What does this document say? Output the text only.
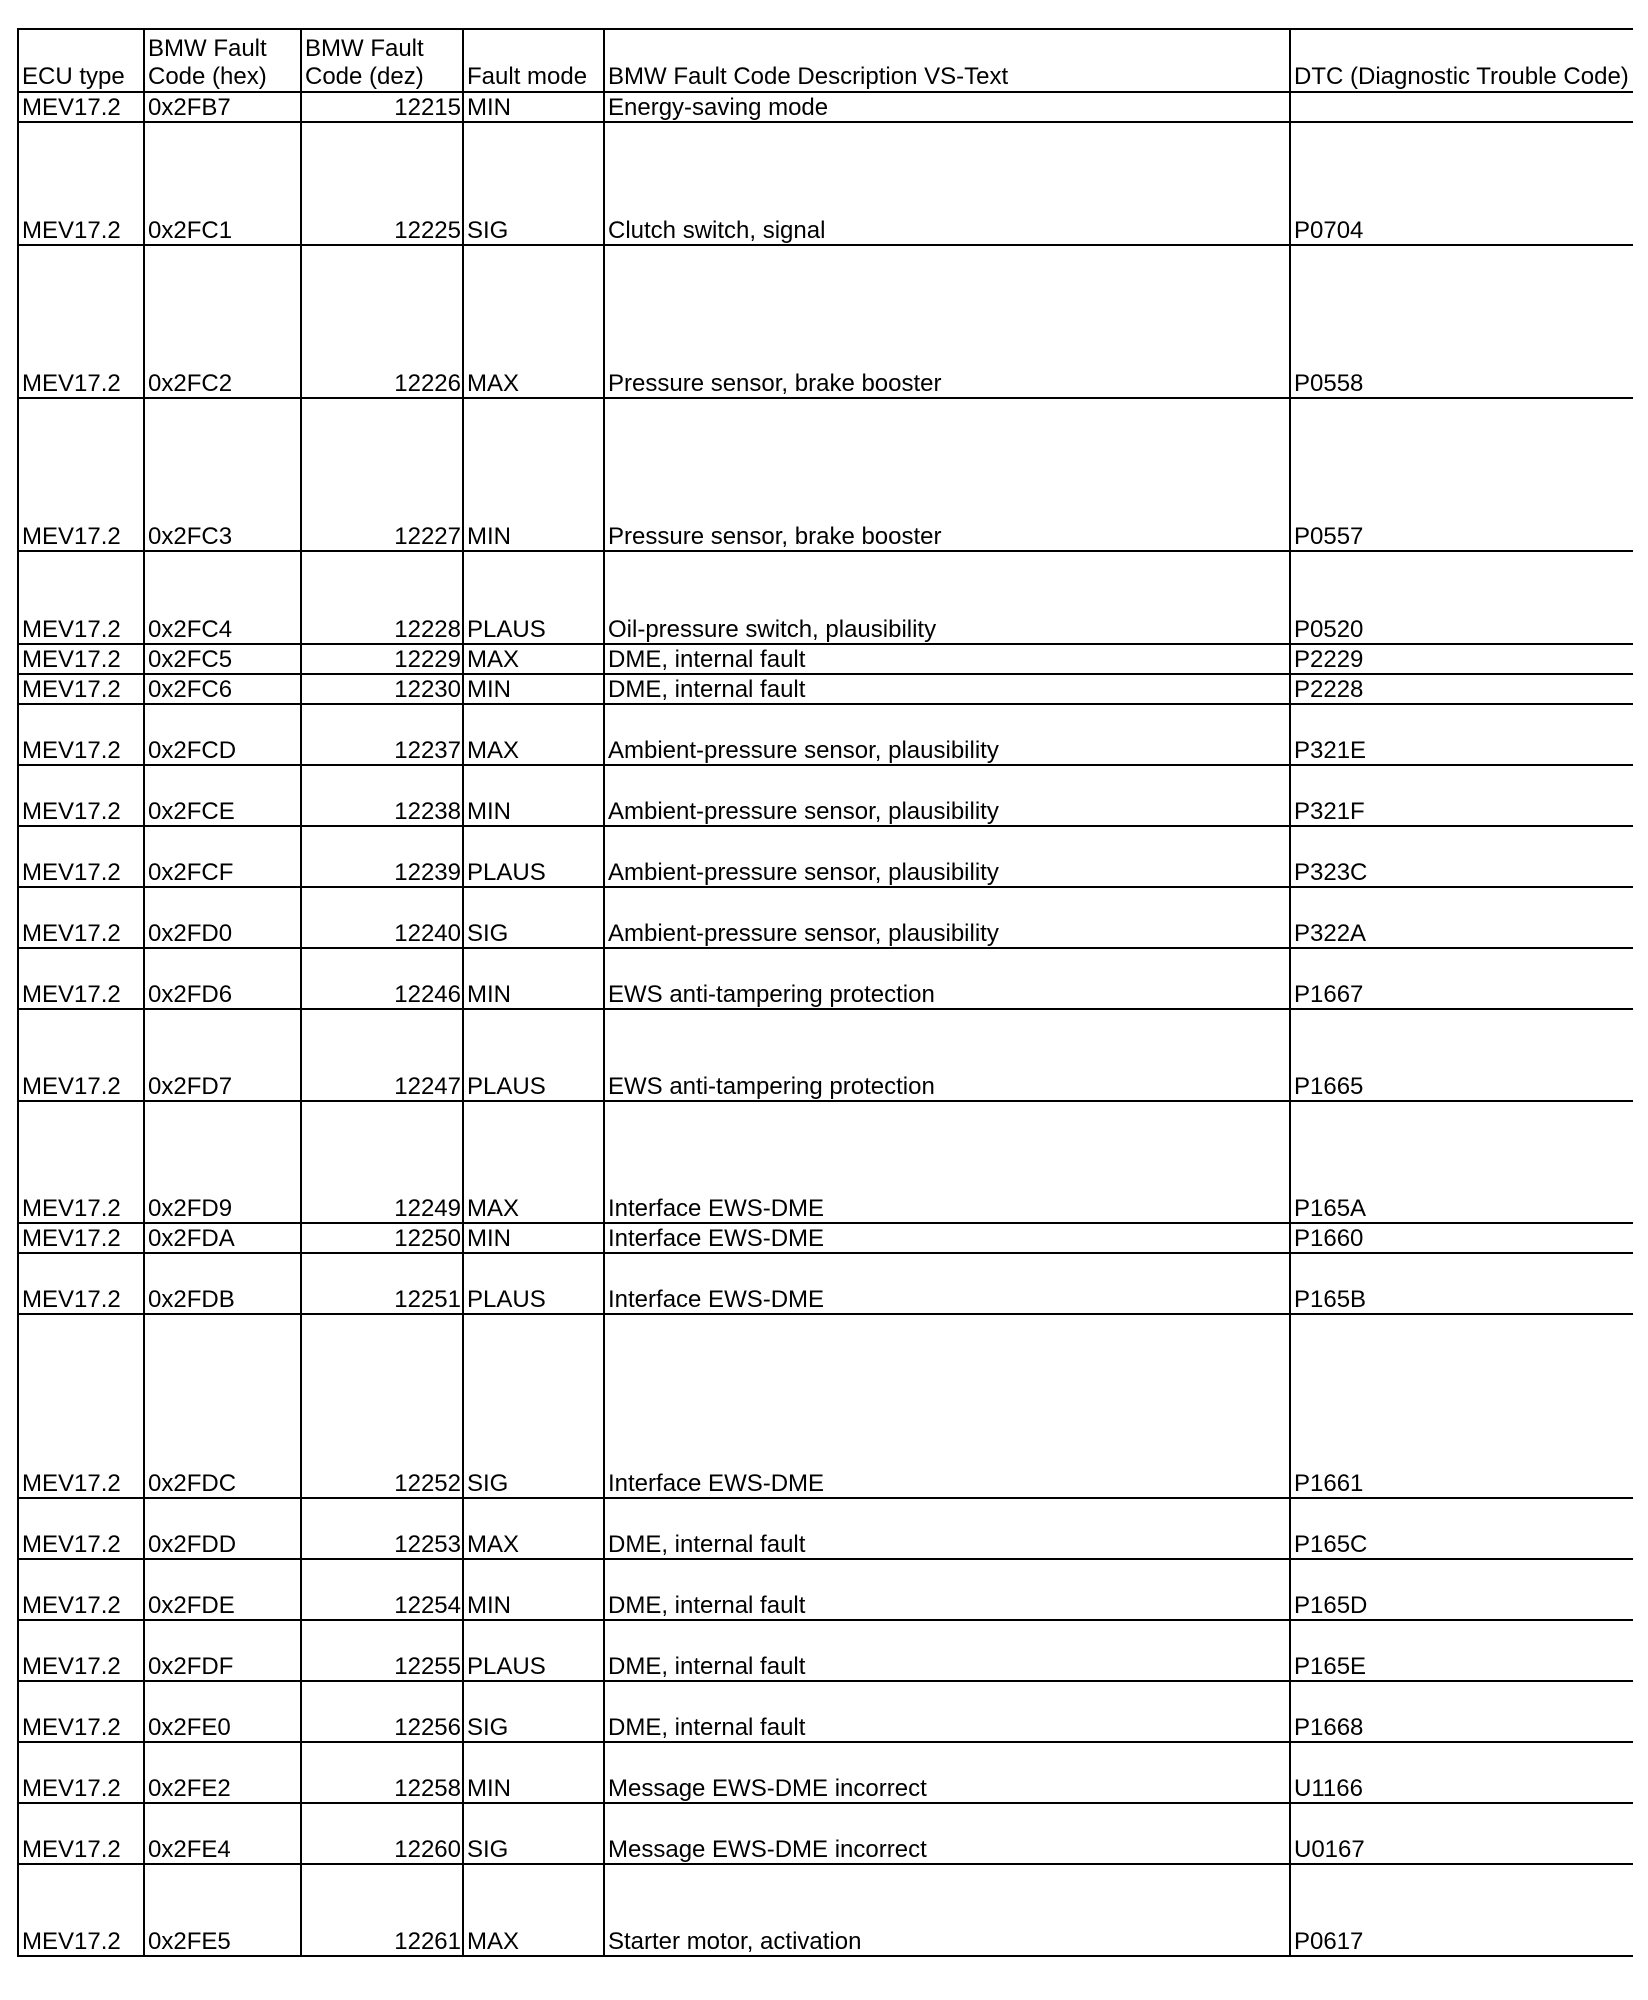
ECU type	BMW Fault Code (hex)	BMW Fault Code (dez)	Fault mode	BMW Fault Code Description VS-Text	DTC (Diagnostic Trouble Code)
MEV17.2	0x2FB7	12215	MIN	Energy-saving mode	
MEV17.2	0x2FC1	12225	SIG	Clutch switch, signal	P0704
MEV17.2	0x2FC2	12226	MAX	Pressure sensor, brake booster	P0558
MEV17.2	0x2FC3	12227	MIN	Pressure sensor, brake booster	P0557
MEV17.2	0x2FC4	12228	PLAUS	Oil-pressure switch, plausibility	P0520
MEV17.2	0x2FC5	12229	MAX	DME, internal fault	P2229
MEV17.2	0x2FC6	12230	MIN	DME, internal fault	P2228
MEV17.2	0x2FCD	12237	MAX	Ambient-pressure sensor, plausibility	P321E
MEV17.2	0x2FCE	12238	MIN	Ambient-pressure sensor, plausibility	P321F
MEV17.2	0x2FCF	12239	PLAUS	Ambient-pressure sensor, plausibility	P323C
MEV17.2	0x2FD0	12240	SIG	Ambient-pressure sensor, plausibility	P322A
MEV17.2	0x2FD6	12246	MIN	EWS anti-tampering protection	P1667
MEV17.2	0x2FD7	12247	PLAUS	EWS anti-tampering protection	P1665
MEV17.2	0x2FD9	12249	MAX	Interface EWS-DME	P165A
MEV17.2	0x2FDA	12250	MIN	Interface EWS-DME	P1660
MEV17.2	0x2FDB	12251	PLAUS	Interface EWS-DME	P165B
MEV17.2	0x2FDC	12252	SIG	Interface EWS-DME	P1661
MEV17.2	0x2FDD	12253	MAX	DME, internal fault	P165C
MEV17.2	0x2FDE	12254	MIN	DME, internal fault	P165D
MEV17.2	0x2FDF	12255	PLAUS	DME, internal fault	P165E
MEV17.2	0x2FE0	12256	SIG	DME, internal fault	P1668
MEV17.2	0x2FE2	12258	MIN	Message EWS-DME incorrect	U1166
MEV17.2	0x2FE4	12260	SIG	Message EWS-DME incorrect	U0167
MEV17.2	0x2FE5	12261	MAX	Starter motor, activation	P0617
